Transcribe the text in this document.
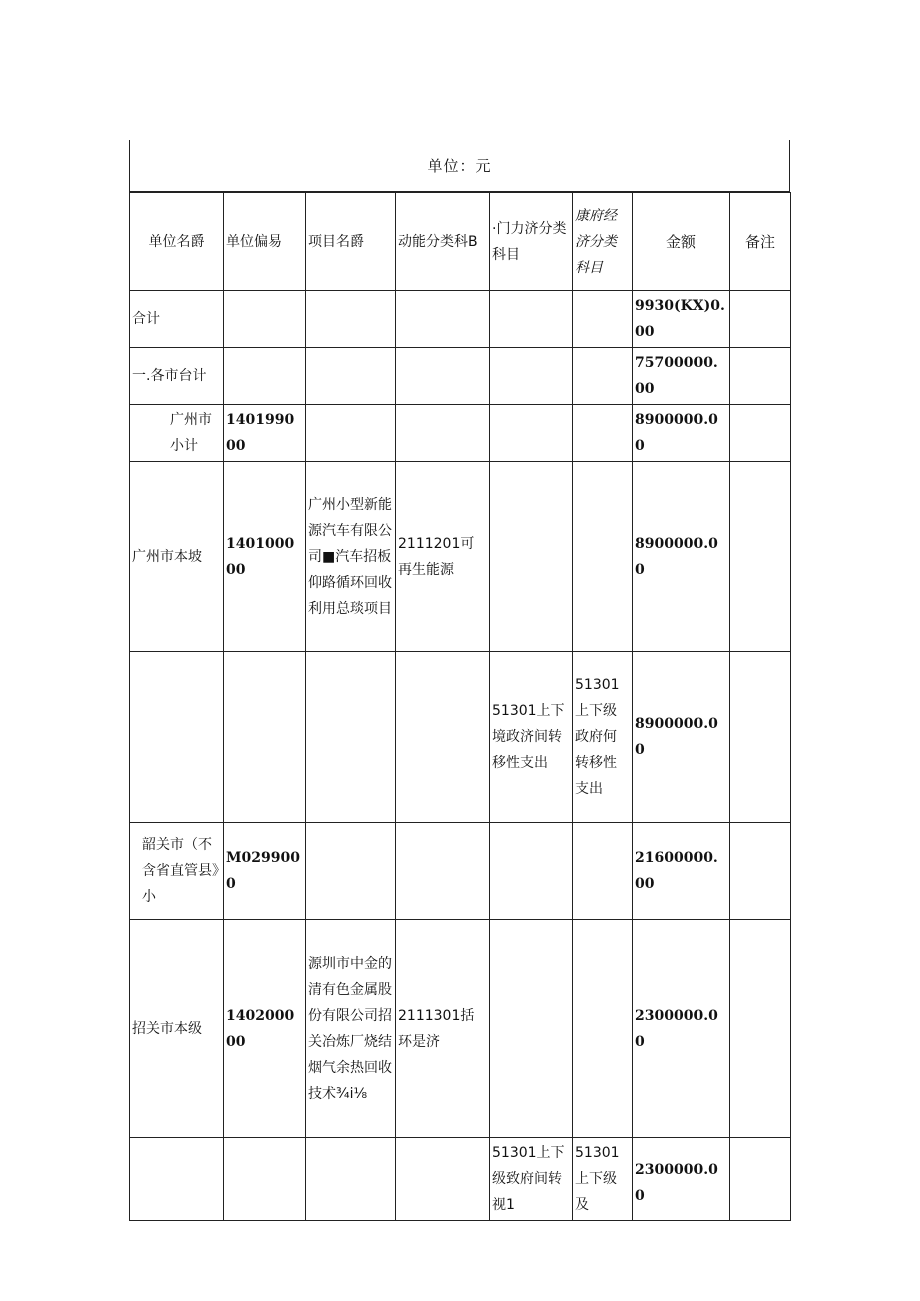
单位：元
单位名爵	单位偏易	项目名爵	动能分类科B	·门力济分类科目	康府经济分类科目	金额	备注
合计						9930(KX)0.00	
一.各市台计						75700000.00	
广州市小计	140199000					8900000.00	
广州市本坡	140100000	广州小型新能源汽车有限公司■汽车招板仰路循环回收利用总琰项目	2111201可再生能源			8900000.00	
				51301上下境政济间转移性支出	51301上下级政府何转移性支出	8900000.00	
韶关市（不含省直管县》小	M029900 0					21600000.00	
招关市本级	140200000	源圳市中金的清有色金属股份有限公司招关冶炼厂烧结烟气余热回收技术¾i⅛	2111301括环是济			2300000.00	
				51301上下级致府间转视1	51301上下级及	2300000.00	
